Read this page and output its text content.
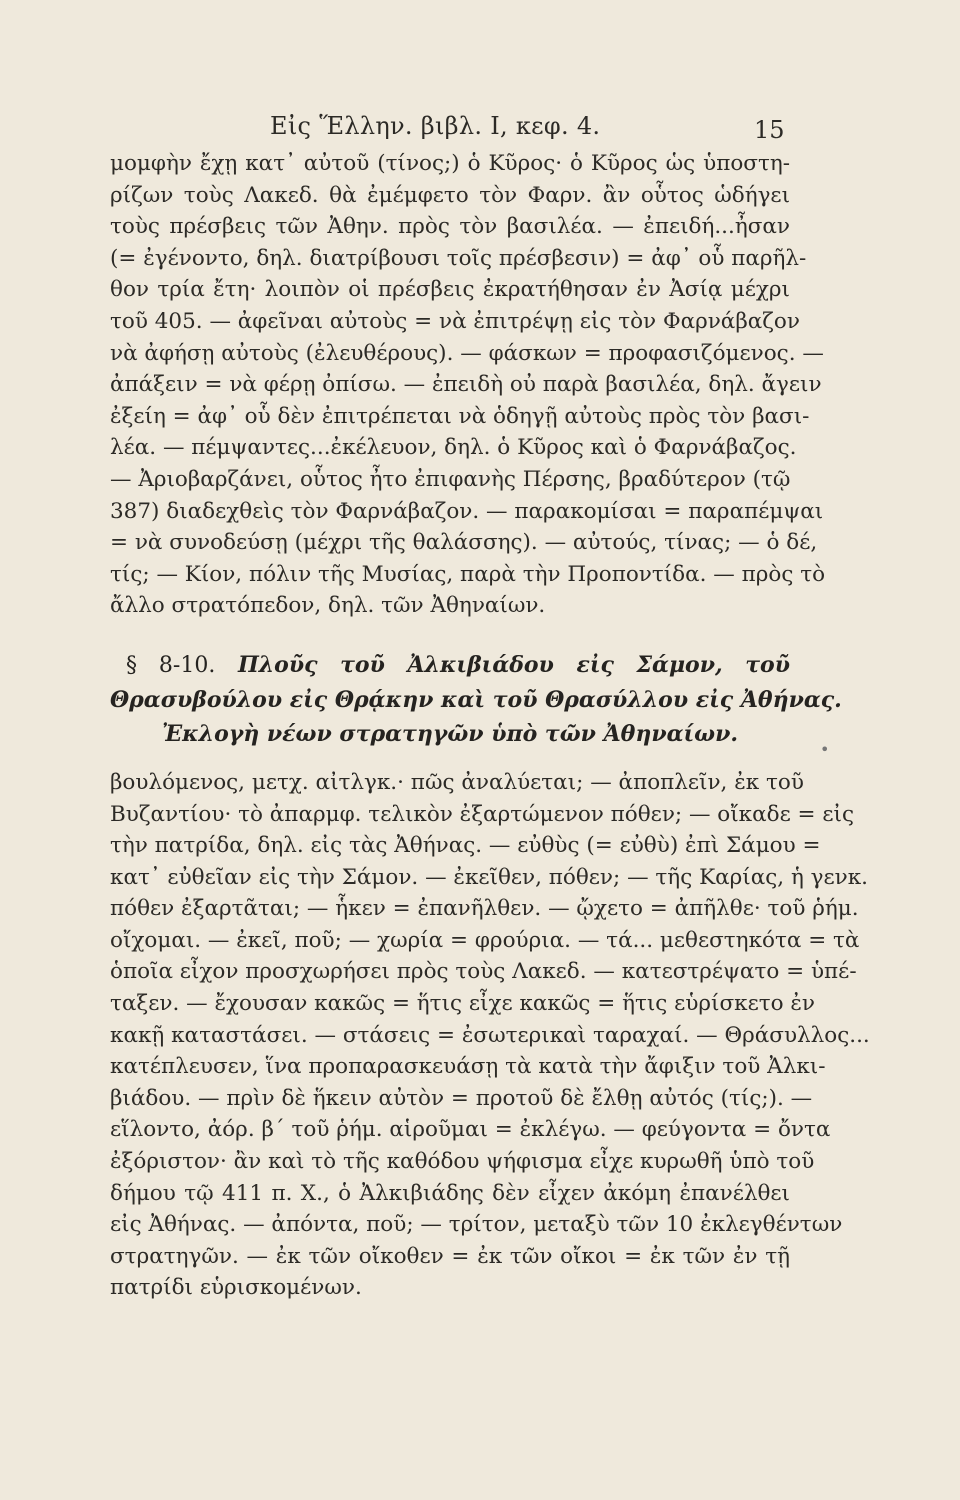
Εἰς Ἕλλην. βιβλ. Ι, κεφ. 4.	15
μομφὴν ἔχῃ κατ᾽ αὐτοῦ (τίνος;) ὁ Κῦρος· ὁ Κῦρος ὡς ὑποστη-
ρίζων τοὺς Λακεδ. θὰ ἐμέμφετο τὸν Φαρν. ἂν οὗτος ὡδήγει
τοὺς πρέσβεις τῶν Ἀθην. πρὸς τὸν βασιλέα. — ἐπειδή...ἦσαν
(= ἐγένοντο, δηλ. διατρίβουσι τοῖς πρέσβεσιν) = ἀφ᾽ οὗ παρῆλ-
θον τρία ἔτη· λοιπὸν οἱ πρέσβεις ἐκρατήθησαν ἐν Ἀσίᾳ μέχρι
τοῦ 405. — ἀφεῖναι αὐτοὺς = νὰ ἐπιτρέψῃ εἰς τὸν Φαρνάβαζον
νὰ ἀφήσῃ αὐτοὺς (ἐλευθέρους). — φάσκων = προφασιζόμενος. —
ἀπάξειν = νὰ φέρῃ ὀπίσω. — ἐπειδὴ οὐ παρὰ βασιλέα, δηλ. ἄγειν
ἐξείη = ἀφ᾽ οὗ δὲν ἐπιτρέπεται νὰ ὁδηγῇ αὐτοὺς πρὸς τὸν βασι-
λέα. — πέμψαντες...ἐκέλευον, δηλ. ὁ Κῦρος καὶ ὁ Φαρνάβαζος.
— Ἀριοβαρζάνει, οὗτος ἦτο ἐπιφανὴς Πέρσης, βραδύτερον (τῷ
387) διαδεχθεὶς τὸν Φαρνάβαζον. — παρακομίσαι = παραπέμψαι
= νὰ συνοδεύσῃ (μέχρι τῆς θαλάσσης). — αὐτούς, τίνας; — ὁ δέ,
τίς; — Κίον, πόλιν τῆς Μυσίας, παρὰ τὴν Προποντίδα. — πρὸς τὸ
ἄλλο στρατόπεδον, δηλ. τῶν Ἀθηναίων.
§ 8-10. Πλοῦς τοῦ Ἀλκιβιάδου εἰς Σάμον, τοῦ
Θρασυβούλου εἰς Θρᾴκην καὶ τοῦ Θρασύλλου εἰς Ἀθήνας.
Ἐκλογὴ νέων στρατηγῶν ὑπὸ τῶν Ἀθηναίων.
βουλόμενος, μετχ. αἰτλγκ.· πῶς ἀναλύεται; — ἀποπλεῖν, ἐκ τοῦ
Βυζαντίου· τὸ ἀπαρμφ. τελικὸν ἐξαρτώμενον πόθεν; — οἴκαδε = εἰς
τὴν πατρίδα, δηλ. εἰς τὰς Ἀθήνας. — εὐθὺς (= εὐθὺ) ἐπὶ Σάμου =
κατ᾽ εὐθεῖαν εἰς τὴν Σάμον. — ἐκεῖθεν, πόθεν; — τῆς Καρίας, ἡ γενκ.
πόθεν ἐξαρτᾶται; — ἧκεν = ἐπανῆλθεν. — ᾤχετο = ἀπῆλθε· τοῦ ῥήμ.
οἴχομαι. — ἐκεῖ, ποῦ; — χωρία = φρούρια. — τά... μεθεστηκότα = τὰ
ὁποῖα εἶχον προσχωρήσει πρὸς τοὺς Λακεδ. — κατεστρέψατο = ὑπέ-
ταξεν. — ἔχουσαν κακῶς = ἥτις εἶχε κακῶς = ἥτις εὑρίσκετο ἐν
κακῇ καταστάσει. — στάσεις = ἐσωτερικαὶ ταραχαί. — Θράσυλλος...
κατέπλευσεν, ἵνα προπαρασκευάσῃ τὰ κατὰ τὴν ἄφιξιν τοῦ Ἀλκι-
βιάδου. — πρὶν δὲ ἥκειν αὐτὸν = προτοῦ δὲ ἔλθῃ αὐτός (τίς;). —
εἵλοντο, ἀόρ. β´ τοῦ ῥήμ. αἱροῦμαι = ἐκλέγω. — φεύγοντα = ὄντα
ἐξόριστον· ἂν καὶ τὸ τῆς καθόδου ψήφισμα εἶχε κυρωθῆ ὑπὸ τοῦ
δήμου τῷ 411 π. Χ., ὁ Ἀλκιβιάδης δὲν εἶχεν ἀκόμη ἐπανέλθει
εἰς Ἀθήνας. — ἀπόντα, ποῦ; — τρίτον, μεταξὺ τῶν 10 ἐκλεγθέντων
στρατηγῶν. — ἐκ τῶν οἴκοθεν = ἐκ τῶν οἴκοι = ἐκ τῶν ἐν τῇ
πατρίδι εὑρισκομένων.
•
